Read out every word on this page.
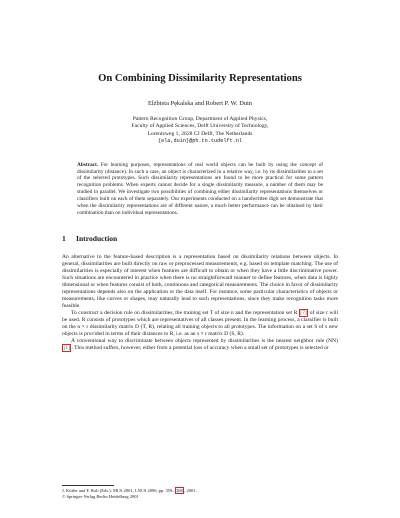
On Combining Dissimilarity Representations
Elżbieta Pękalska and Robert P. W. Duin
Pattern Recognition Group, Department of Applied Physics,
Faculty of Applied Sciences, Delft University of Technology,
Lorentzweg 1, 2628 CJ Delft, The Netherlands
{ela,duin}@ph.tn.tudelft.nl
Abstract. For learning purposes, representations of real world objects can be built by using the concept of dissimilarity (distance). In such a case, an object is characterized in a relative way, i.e. by its dissimilarities to a set of the selected prototypes. Such dissimilarity representations are found to be more practical for some pattern recognition problems. When experts cannot decide for a single dissimilarity measure, a number of them may be studied in parallel. We investigate two possibilities of combining either dissimilarity representations themselves or classifiers built on each of them separately. Our experiments conducted on a handwritten digit set demonstrate that when the dissimilarity representations are of different nature, a much better performance can be obtained by their combination than on individual representations.
1 Introduction

An alternative to the feature-based description is a representation based on dissimilarity relations between objects. In general, dissimilarities are built directly on raw or preprocessed measurements, e.g. based on template matching. The use of dissimilarities is especially of interest when features are difficult to obtain or when they have a little discriminative power. Such situations are encountered in practice when there is no straightforward manner to define features, when data is highly dimensional or when features consist of both, continuous and categorical measurements. The choice in favor of dissimilarity representations depends also on the application or the data itself. For instance, some particular characteristics of objects or measurements, like curves or shapes, may naturally lead to such representations, since they make recognition tasks more feasible.

To construct a decision rule on dissimilarities, the training set T of size n and the representation set R [7] of size r will be used. R consists of prototypes which are representatives of all classes present. In the learning process, a classifier is built on the n × r dissimilarity matrix D (T, R), relating all training objects to all prototypes. The information on a set S of s new objects is provided in terms of their distances to R, i.e. as an s × r matrix D (S, R).

A conventional way to discriminate between objects represented by dissimilarities is the nearest neighbor rule (NN) [1] . This method suffers, however, either from a potential loss of accuracy when a small set of prototypes is selected or

J. Kittler and F. Roli (Eds.): MCS 2001, LNCS 2096, pp. 359– 368 , 2001.
© Springer-Verlag Berlin Heidelberg 2001
